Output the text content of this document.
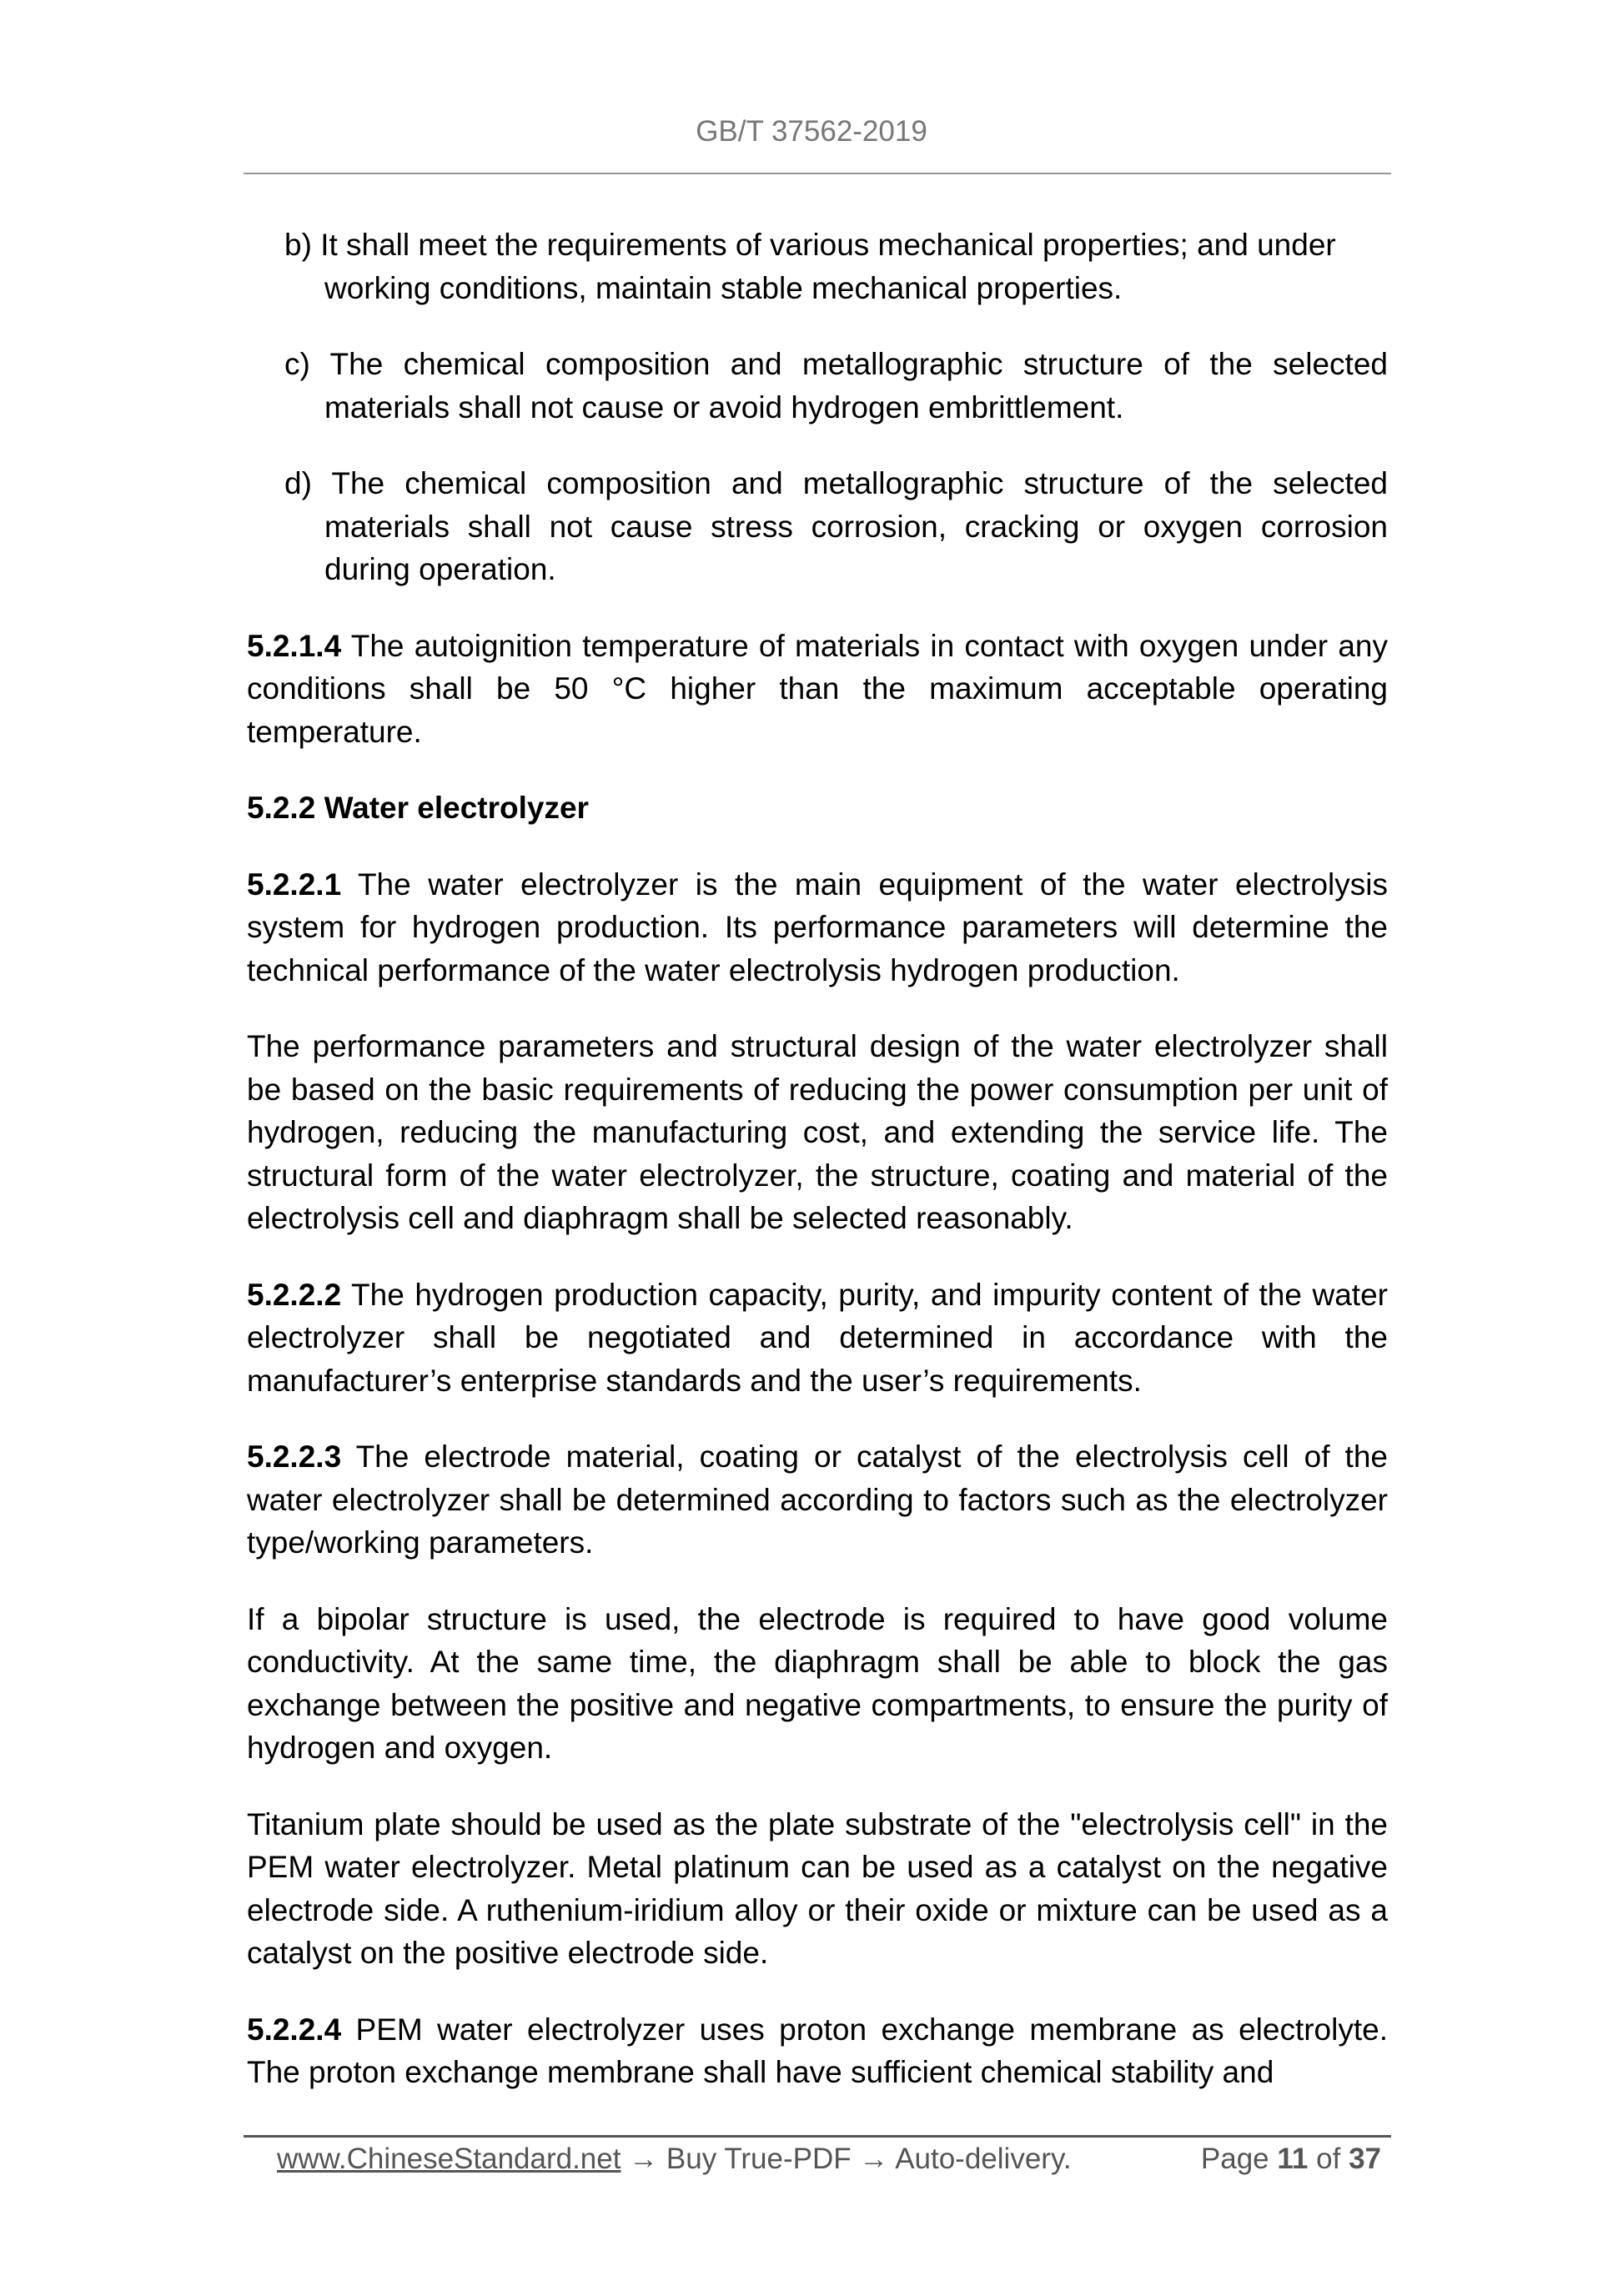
GB/T 37562-2019

b) It shall meet the requirements of various mechanical properties; and under working conditions, maintain stable mechanical properties.

c) The chemical composition and metallographic structure of the selected materials shall not cause or avoid hydrogen embrittlement.

d) The chemical composition and metallographic structure of the selected materials shall not cause stress corrosion, cracking or oxygen corrosion during operation.

5.2.1.4 The autoignition temperature of materials in contact with oxygen under any conditions shall be 50 °C higher than the maximum acceptable operating temperature.

5.2.2 Water electrolyzer

5.2.2.1 The water electrolyzer is the main equipment of the water electrolysis system for hydrogen production. Its performance parameters will determine the technical performance of the water electrolysis hydrogen production.

The performance parameters and structural design of the water electrolyzer shall be based on the basic requirements of reducing the power consumption per unit of hydrogen, reducing the manufacturing cost, and extending the service life. The structural form of the water electrolyzer, the structure, coating and material of the electrolysis cell and diaphragm shall be selected reasonably.

5.2.2.2 The hydrogen production capacity, purity, and impurity content of the water electrolyzer shall be negotiated and determined in accordance with the manufacturer’s enterprise standards and the user’s requirements.

5.2.2.3 The electrode material, coating or catalyst of the electrolysis cell of the water electrolyzer shall be determined according to factors such as the electrolyzer type/working parameters.

If a bipolar structure is used, the electrode is required to have good volume conductivity. At the same time, the diaphragm shall be able to block the gas exchange between the positive and negative compartments, to ensure the purity of hydrogen and oxygen.

Titanium plate should be used as the plate substrate of the "electrolysis cell" in the PEM water electrolyzer. Metal platinum can be used as a catalyst on the negative electrode side. A ruthenium-iridium alloy or their oxide or mixture can be used as a catalyst on the positive electrode side.

5.2.2.4 PEM water electrolyzer uses proton exchange membrane as electrolyte. The proton exchange membrane shall have sufficient chemical stability and

www.ChineseStandard.net → Buy True-PDF → Auto-delivery.	Page 11 of 37
